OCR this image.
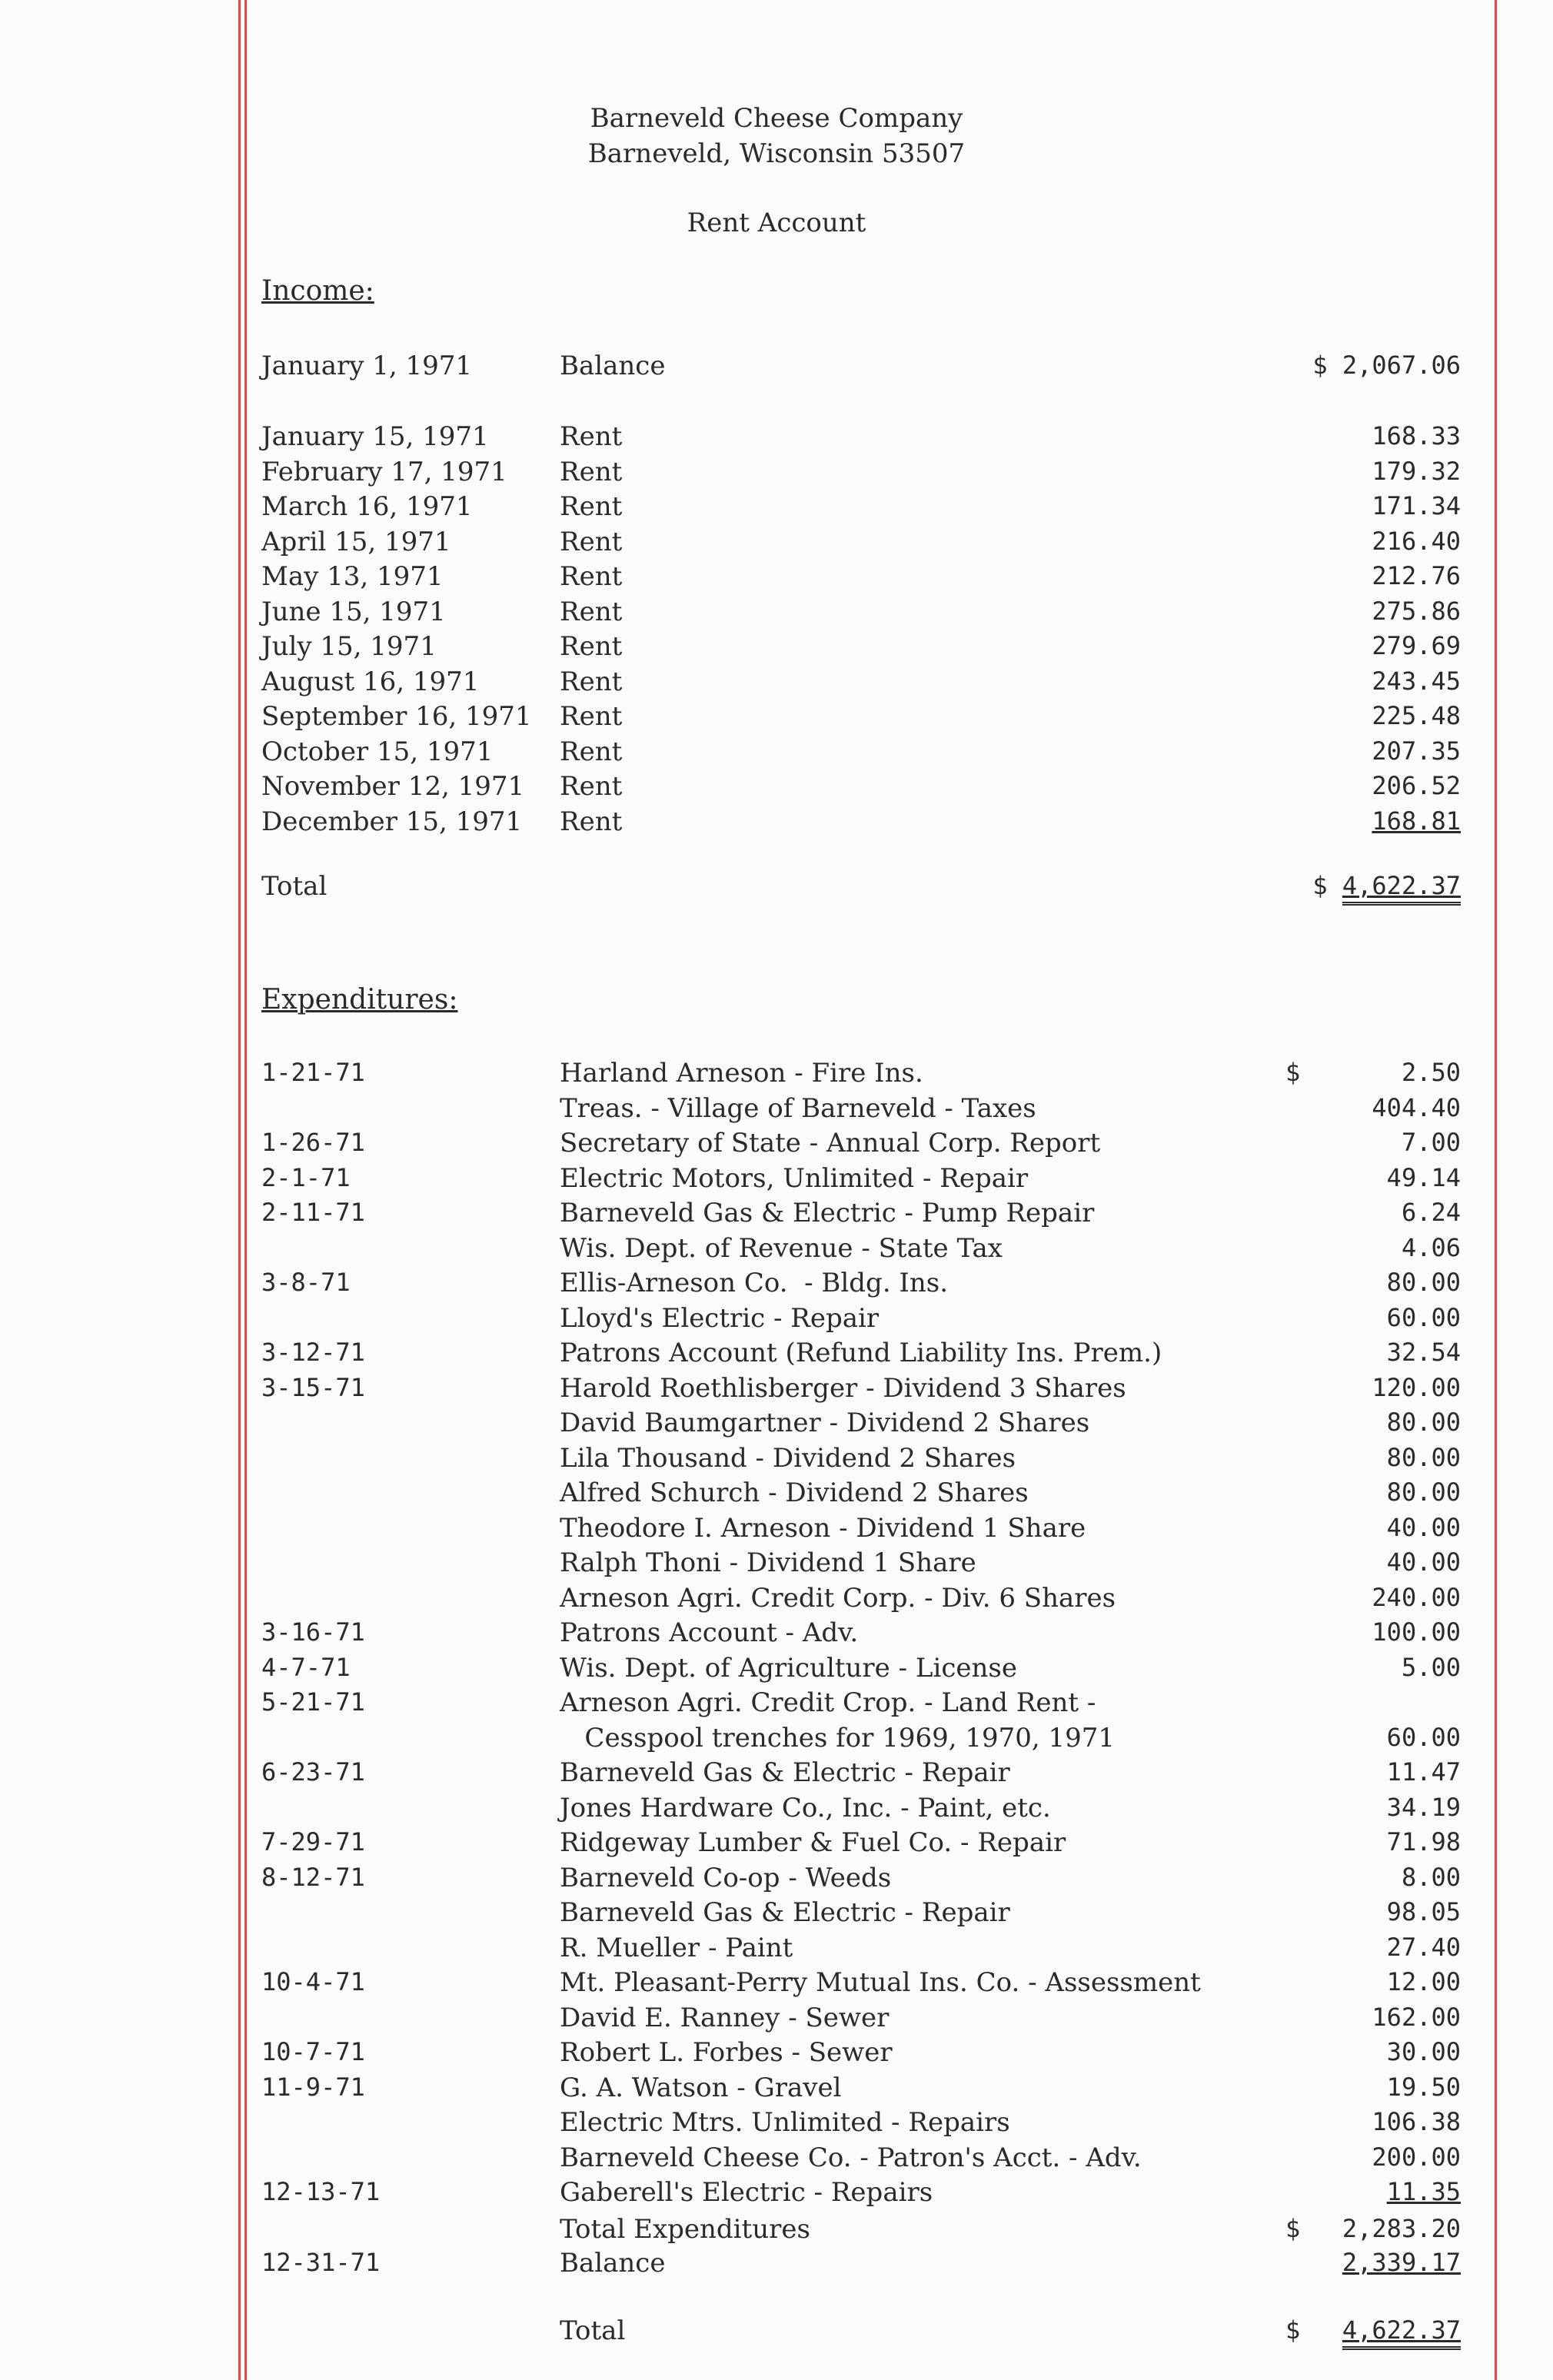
Barneveld Cheese Company
Barneveld, Wisconsin 53507
Rent Account
Income:
January 1, 1971	Balance	$ 2,067.06
January 15, 1971	Rent	168.33
February 17, 1971 Rent	179.32
March 16, 1971	Rent	171.34
April 15, 1971	Rent	216.40
May 13, 1971	Rent	212.76
June 15, 1971	Rent	275.86
July 15, 1971	Rent	279.69
August 16, 1971	Rent	243.45
September 16, 1971 Rent	225.48
October 15, 1971	Rent	207.35
November 12, 1971 Rent	206.52
December 15, 1971 Rent	168.81
Total	$ 4,622.37
Expenditures:
1-21-71	Harland Arneson - Fire Ins.	$	2.50
Treas. - Village of Barneveld - Taxes	404.40
1-26-71	Secretary of State - Annual Corp. Report	7.00
2-1-71	Electric Motors, Unlimited - Repair	49.14
2-11-71	Barneveld Gas & Electric - Pump Repair	6.24
Wis. Dept. of Revenue - State Tax	4.06
3-8-71	Ellis-Arneson Co.  - Bldg. Ins.	80.00
Lloyd's Electric - Repair	60.00
3-12-71	Patrons Account (Refund Liability Ins. Prem.)	32.54
3-15-71	Harold Roethlisberger - Dividend 3 Shares	120.00
David Baumgartner - Dividend 2 Shares	80.00
Lila Thousand - Dividend 2 Shares	80.00
Alfred Schurch - Dividend 2 Shares	80.00
Theodore I. Arneson - Dividend 1 Share	40.00
Ralph Thoni - Dividend 1 Share	40.00
Arneson Agri. Credit Corp. - Div. 6 Shares	240.00
3-16-71	Patrons Account - Adv.	100.00
4-7-71	Wis. Dept. of Agriculture - License	5.00
5-21-71	Arneson Agri. Credit Crop. - Land Rent -
Cesspool trenches for 1969, 1970, 1971	60.00
6-23-71	Barneveld Gas & Electric - Repair	11.47
Jones Hardware Co., Inc. - Paint, etc.	34.19
7-29-71	Ridgeway Lumber & Fuel Co. - Repair	71.98
8-12-71	Barneveld Co-op - Weeds	8.00
Barneveld Gas & Electric - Repair	98.05
R. Mueller - Paint	27.40
10-4-71	Mt. Pleasant-Perry Mutual Ins. Co. - Assessment	12.00
David E. Ranney - Sewer	162.00
10-7-71	Robert L. Forbes - Sewer	30.00
11-9-71	G. A. Watson - Gravel	19.50
Electric Mtrs. Unlimited - Repairs	106.38
Barneveld Cheese Co. - Patron's Acct. - Adv.	200.00
12-13-71	Gaberell's Electric - Repairs	11.35
Total Expenditures	$ 2,283.20
12-31-71	Balance	2,339.17
Total	$ 4,622.37
